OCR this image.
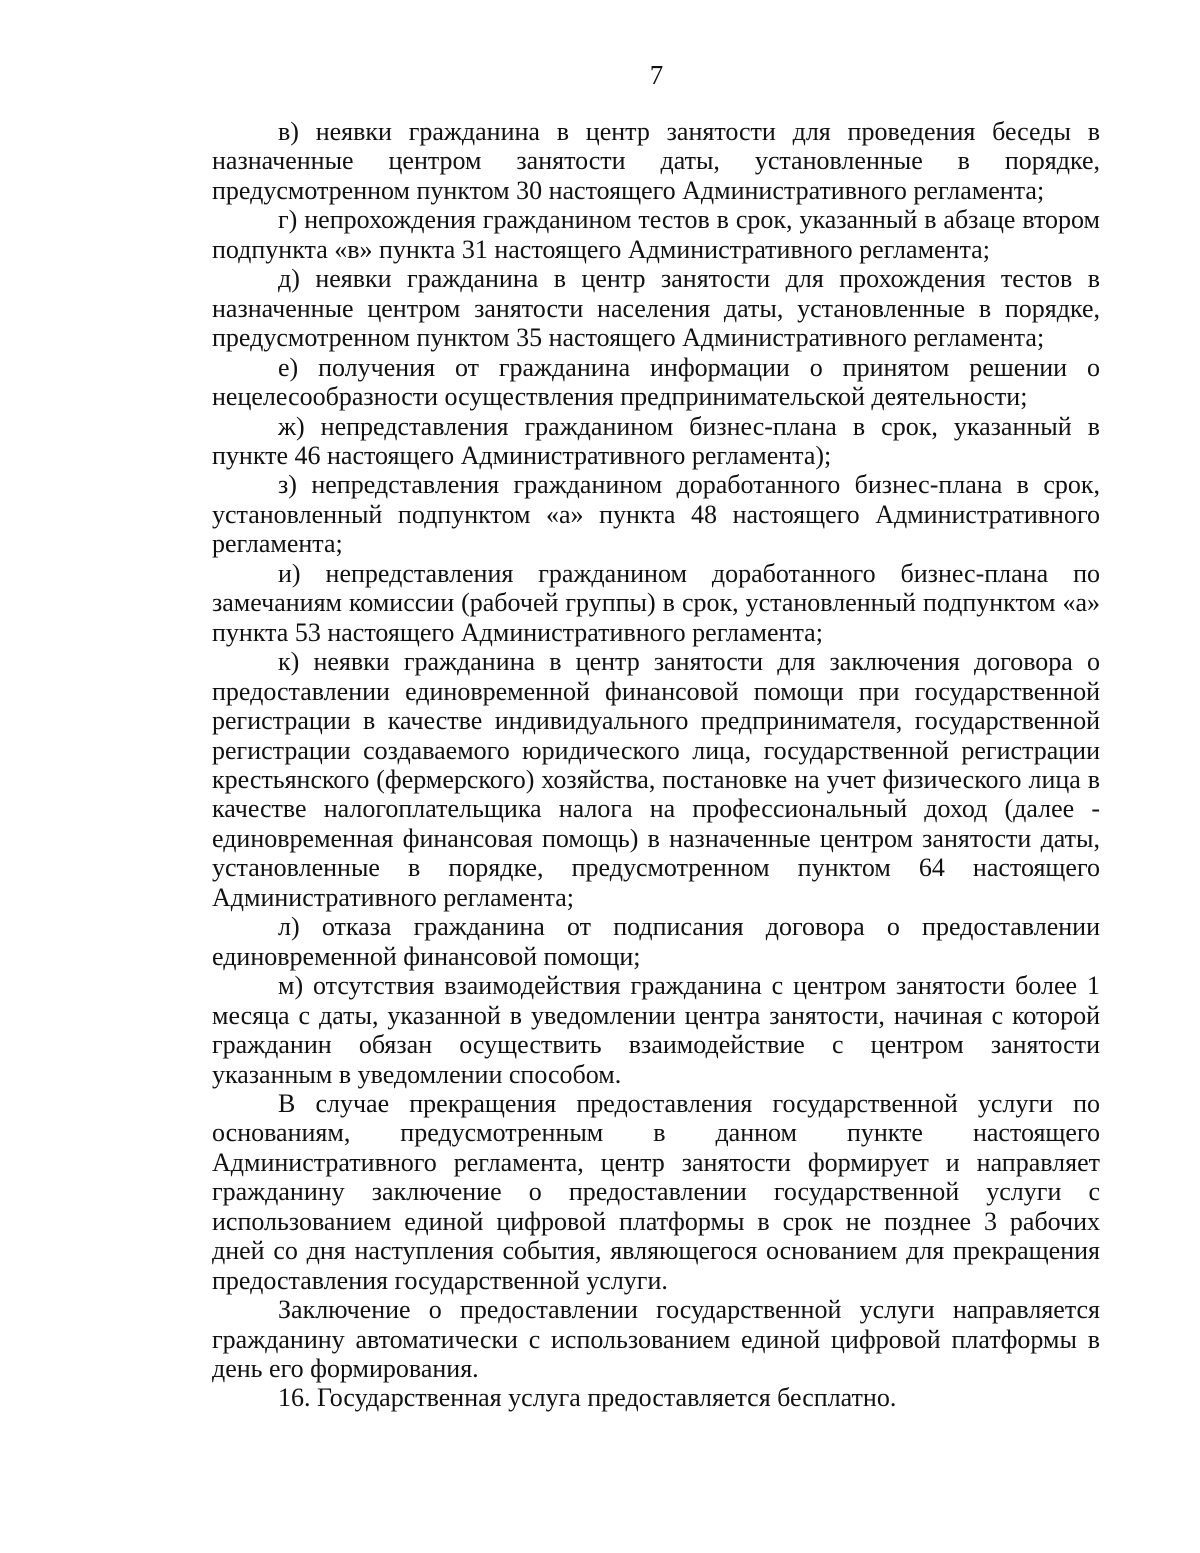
7

в) неявки гражданина в центр занятости для проведения беседы в назначенные центром занятости даты, установленные в порядке, предусмотренном пунктом 30 настоящего Административного регламента;

г) непрохождения гражданином тестов в срок, указанный в абзаце втором подпункта «в» пункта 31 настоящего Административного регламента;

д) неявки гражданина в центр занятости для прохождения тестов в назначенные центром занятости населения даты, установленные в порядке, предусмотренном пунктом 35 настоящего Административного регламента;

е) получения от гражданина информации о принятом решении о нецелесообразности осуществления предпринимательской деятельности;

ж) непредставления гражданином бизнес-плана в срок, указанный в пункте 46 настоящего Административного регламента);

з) непредставления гражданином доработанного бизнес-плана в срок, установленный подпунктом «а» пункта 48 настоящего Административного регламента;

и) непредставления гражданином доработанного бизнес-плана по замечаниям комиссии (рабочей группы) в срок, установленный подпунктом «а» пункта 53 настоящего Административного регламента;

к) неявки гражданина в центр занятости для заключения договора о предоставлении единовременной финансовой помощи при государственной регистрации в качестве индивидуального предпринимателя, государственной регистрации создаваемого юридического лица, государственной регистрации крестьянского (фермерского) хозяйства, постановке на учет физического лица в качестве налогоплательщика налога на профессиональный доход (далее - единовременная финансовая помощь) в назначенные центром занятости даты, установленные в порядке, предусмотренном пунктом 64 настоящего Административного регламента;

л) отказа гражданина от подписания договора о предоставлении единовременной финансовой помощи;

м) отсутствия взаимодействия гражданина с центром занятости более 1 месяца с даты, указанной в уведомлении центра занятости, начиная с которой гражданин обязан осуществить взаимодействие с центром занятости указанным в уведомлении способом.

В случае прекращения предоставления государственной услуги по основаниям, предусмотренным в данном пункте настоящего Административного регламента, центр занятости формирует и направляет гражданину заключение о предоставлении государственной услуги с использованием единой цифровой платформы в срок не позднее 3 рабочих дней со дня наступления события, являющегося основанием для прекращения предоставления государственной услуги.

Заключение о предоставлении государственной услуги направляется гражданину автоматически с использованием единой цифровой платформы в день его формирования.

16. Государственная услуга предоставляется бесплатно.
